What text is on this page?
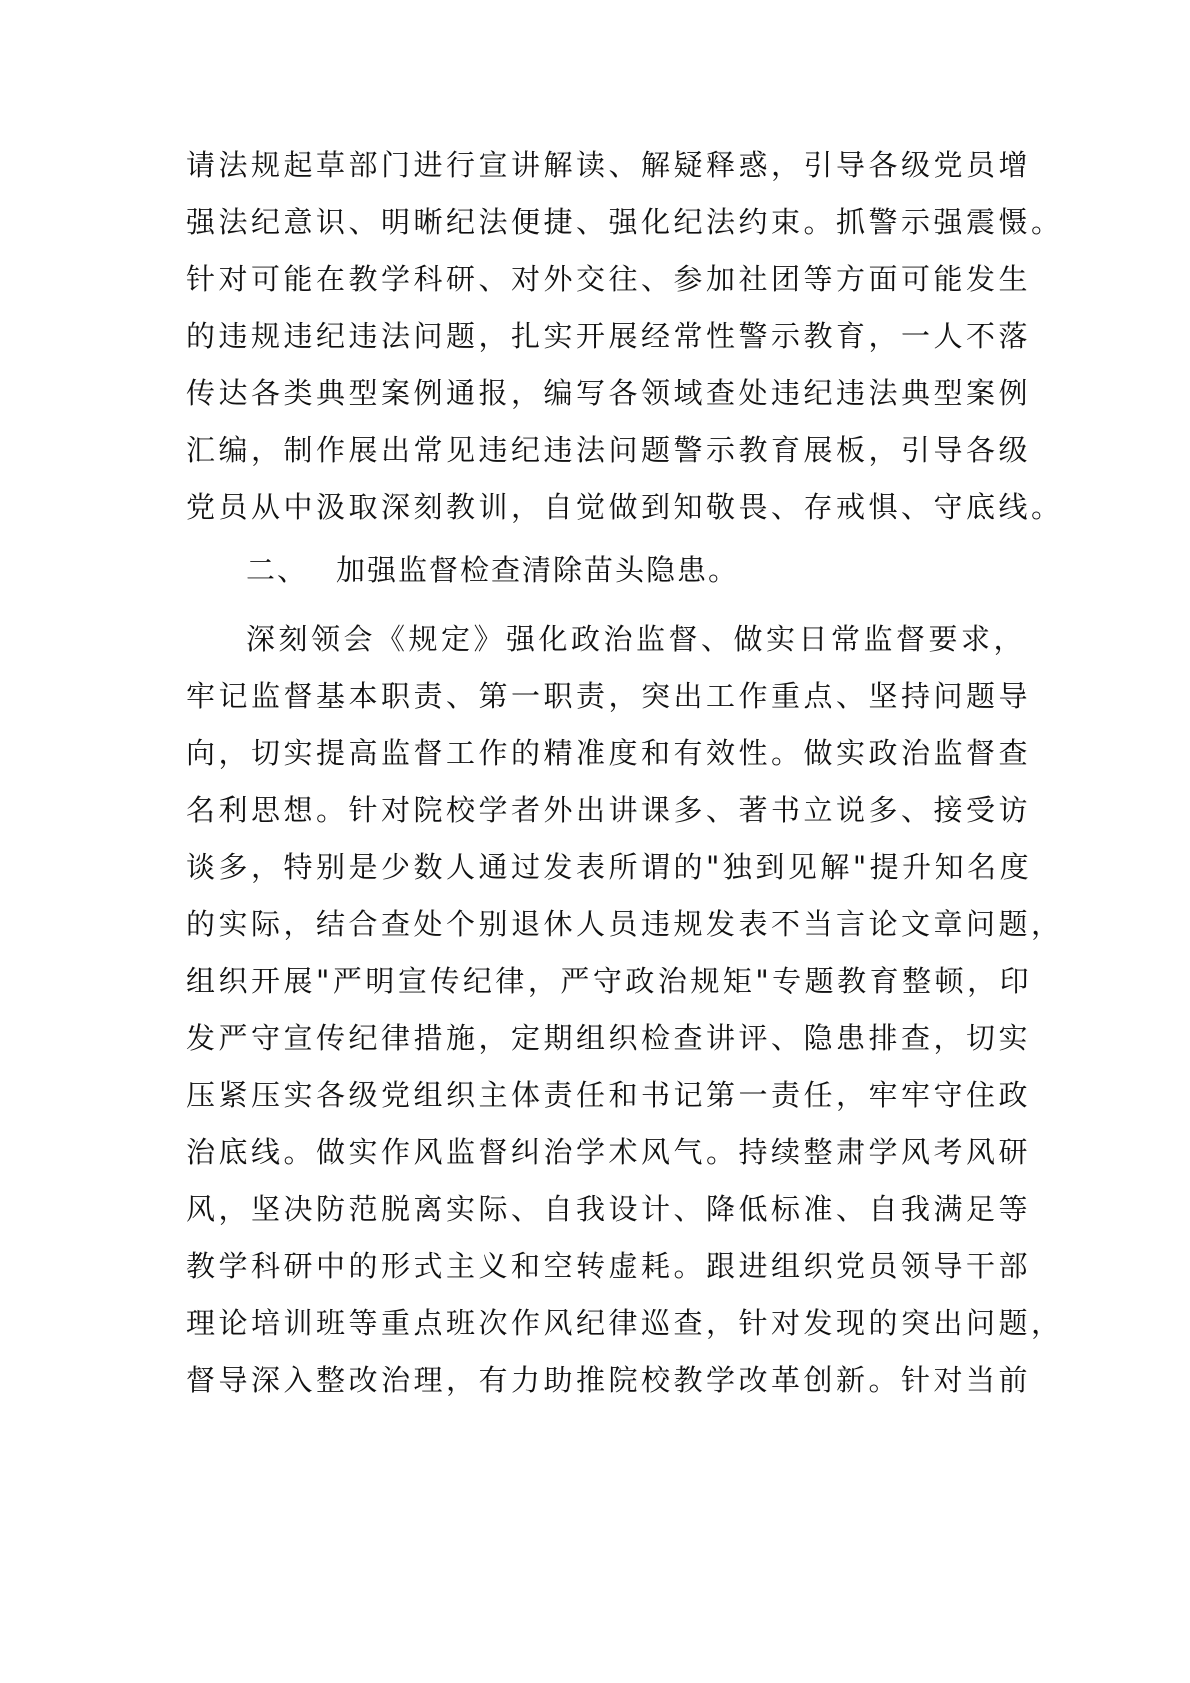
请法规起草部门进行宣讲解读、解疑释惑，引导各级党员增
强法纪意识、明晰纪法便捷、强化纪法约束。抓警示强震慑。
针对可能在教学科研、对外交往、参加社团等方面可能发生
的违规违纪违法问题，扎实开展经常性警示教育，一人不落
传达各类典型案例通报，编写各领域查处违纪违法典型案例
汇编，制作展出常见违纪违法问题警示教育展板，引导各级
党员从中汲取深刻教训，自觉做到知敬畏、存戒惧、守底线。
二、 加强监督检查清除苗头隐患。
深刻领会《规定》强化政治监督、做实日常监督要求，
牢记监督基本职责、第一职责，突出工作重点、坚持问题导
向，切实提高监督工作的精准度和有效性。做实政治监督查
名利思想。针对院校学者外出讲课多、著书立说多、接受访
谈多，特别是少数人通过发表所谓的"独到见解"提升知名度
的实际，结合查处个别退休人员违规发表不当言论文章问题，
组织开展"严明宣传纪律，严守政治规矩"专题教育整顿，印
发严守宣传纪律措施，定期组织检查讲评、隐患排查，切实
压紧压实各级党组织主体责任和书记第一责任，牢牢守住政
治底线。做实作风监督纠治学术风气。持续整肃学风考风研
风，坚决防范脱离实际、自我设计、降低标准、自我满足等
教学科研中的形式主义和空转虚耗。跟进组织党员领导干部
理论培训班等重点班次作风纪律巡查，针对发现的突出问题，
督导深入整改治理，有力助推院校教学改革创新。针对当前
